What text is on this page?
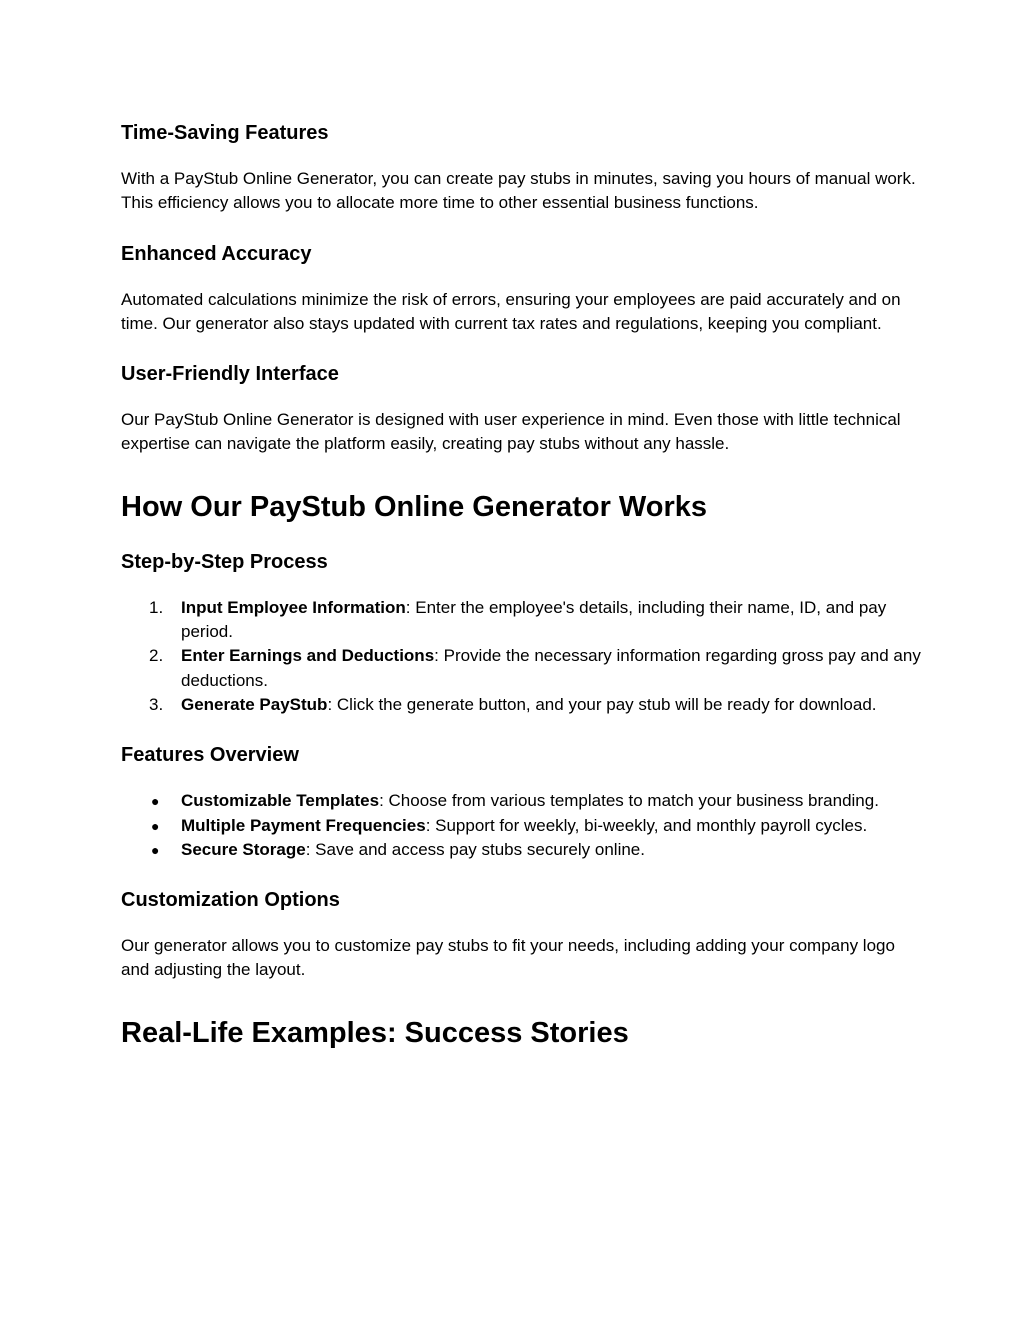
Time-Saving Features

With a PayStub Online Generator, you can create pay stubs in minutes, saving you hours of manual work. This efficiency allows you to allocate more time to other essential business functions.

Enhanced Accuracy

Automated calculations minimize the risk of errors, ensuring your employees are paid accurately and on time. Our generator also stays updated with current tax rates and regulations, keeping you compliant.

User-Friendly Interface

Our PayStub Online Generator is designed with user experience in mind. Even those with little technical expertise can navigate the platform easily, creating pay stubs without any hassle.

How Our PayStub Online Generator Works
Step-by-Step Process
1. Input Employee Information: Enter the employee's details, including their name, ID, and pay period.
2. Enter Earnings and Deductions: Provide the necessary information regarding gross pay and any deductions.
3. Generate PayStub: Click the generate button, and your pay stub will be ready for download.
Features Overview
● Customizable Templates: Choose from various templates to match your business branding.
● Multiple Payment Frequencies: Support for weekly, bi-weekly, and monthly payroll cycles.
● Secure Storage: Save and access pay stubs securely online.
Customization Options

Our generator allows you to customize pay stubs to fit your needs, including adding your company logo and adjusting the layout.

Real-Life Examples: Success Stories
